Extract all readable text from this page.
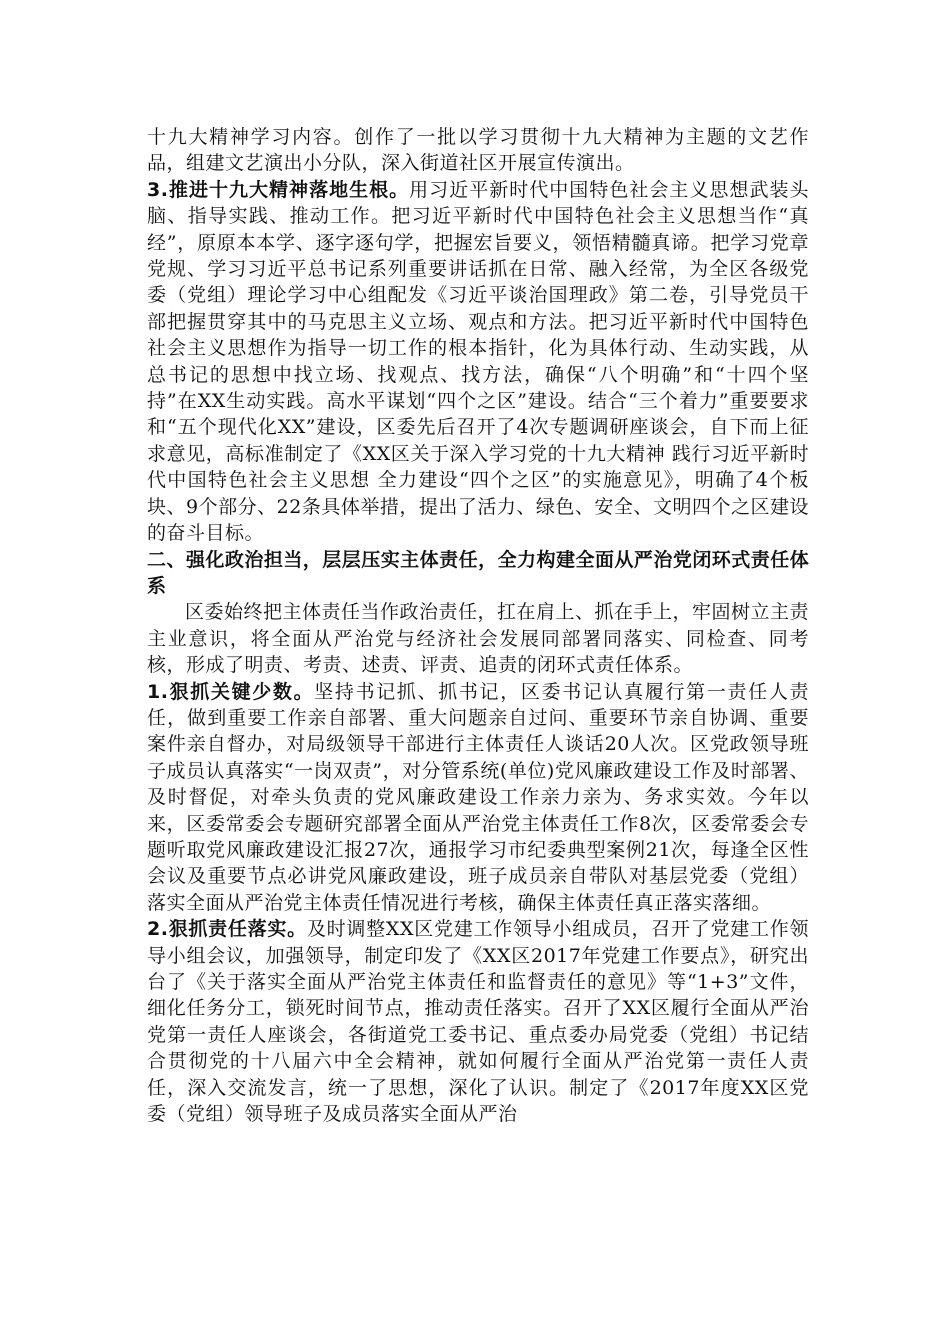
十九大精神学习内容。创作了一批以学习贯彻十九大精神为主题的文艺作品，组建文艺演出小分队，深入街道社区开展宣传演出。

3.推进十九大精神落地生根。用习近平新时代中国特色社会主义思想武装头脑、指导实践、推动工作。把习近平新时代中国特色社会主义思想当作“真经”，原原本本学、逐字逐句学，把握宏旨要义，领悟精髓真谛。把学习党章党规、学习习近平总书记系列重要讲话抓在日常、融入经常，为全区各级党委（党组）理论学习中心组配发《习近平谈治国理政》第二卷，引导党员干部把握贯穿其中的马克思主义立场、观点和方法。把习近平新时代中国特色社会主义思想作为指导一切工作的根本指针，化为具体行动、生动实践，从总书记的思想中找立场、找观点、找方法，确保“八个明确”和“十四个坚持”在XX生动实践。高水平谋划“四个之区”建设。结合“三个着力”重要要求和“五个现代化XX”建设，区委先后召开了4次专题调研座谈会，自下而上征求意见，高标准制定了《XX区关于深入学习党的十九大精神 践行习近平新时代中国特色社会主义思想 全力建设“四个之区”的实施意见》，明确了4个板块、9个部分、22条具体举措，提出了活力、绿色、安全、文明四个之区建设的奋斗目标。

二、强化政治担当，层层压实主体责任，全力构建全面从严治党闭环式责任体系

区委始终把主体责任当作政治责任，扛在肩上、抓在手上，牢固树立主责主业意识，将全面从严治党与经济社会发展同部署同落实、同检查、同考核，形成了明责、考责、述责、评责、追责的闭环式责任体系。

1.狠抓关键少数。坚持书记抓、抓书记，区委书记认真履行第一责任人责任，做到重要工作亲自部署、重大问题亲自过问、重要环节亲自协调、重要案件亲自督办，对局级领导干部进行主体责任人谈话20人次。区党政领导班子成员认真落实“一岗双责”，对分管系统(单位)党风廉政建设工作及时部署、及时督促，对牵头负责的党风廉政建设工作亲力亲为、务求实效。今年以来，区委常委会专题研究部署全面从严治党主体责任工作8次，区委常委会专题听取党风廉政建设汇报27次，通报学习市纪委典型案例21次，每逢全区性会议及重要节点必讲党风廉政建设，班子成员亲自带队对基层党委（党组）落实全面从严治党主体责任情况进行考核，确保主体责任真正落实落细。

2.狠抓责任落实。及时调整XX区党建工作领导小组成员，召开了党建工作领导小组会议，加强领导，制定印发了《XX区2017年党建工作要点》，研究出台了《关于落实全面从严治党主体责任和监督责任的意见》等“1+3”文件，细化任务分工，锁死时间节点，推动责任落实。召开了XX区履行全面从严治党第一责任人座谈会，各街道党工委书记、重点委办局党委（党组）书记结合贯彻党的十八届六中全会精神，就如何履行全面从严治党第一责任人责任，深入交流发言，统一了思想，深化了认识。制定了《2017年度XX区党委（党组）领导班子及成员落实全面从严治
